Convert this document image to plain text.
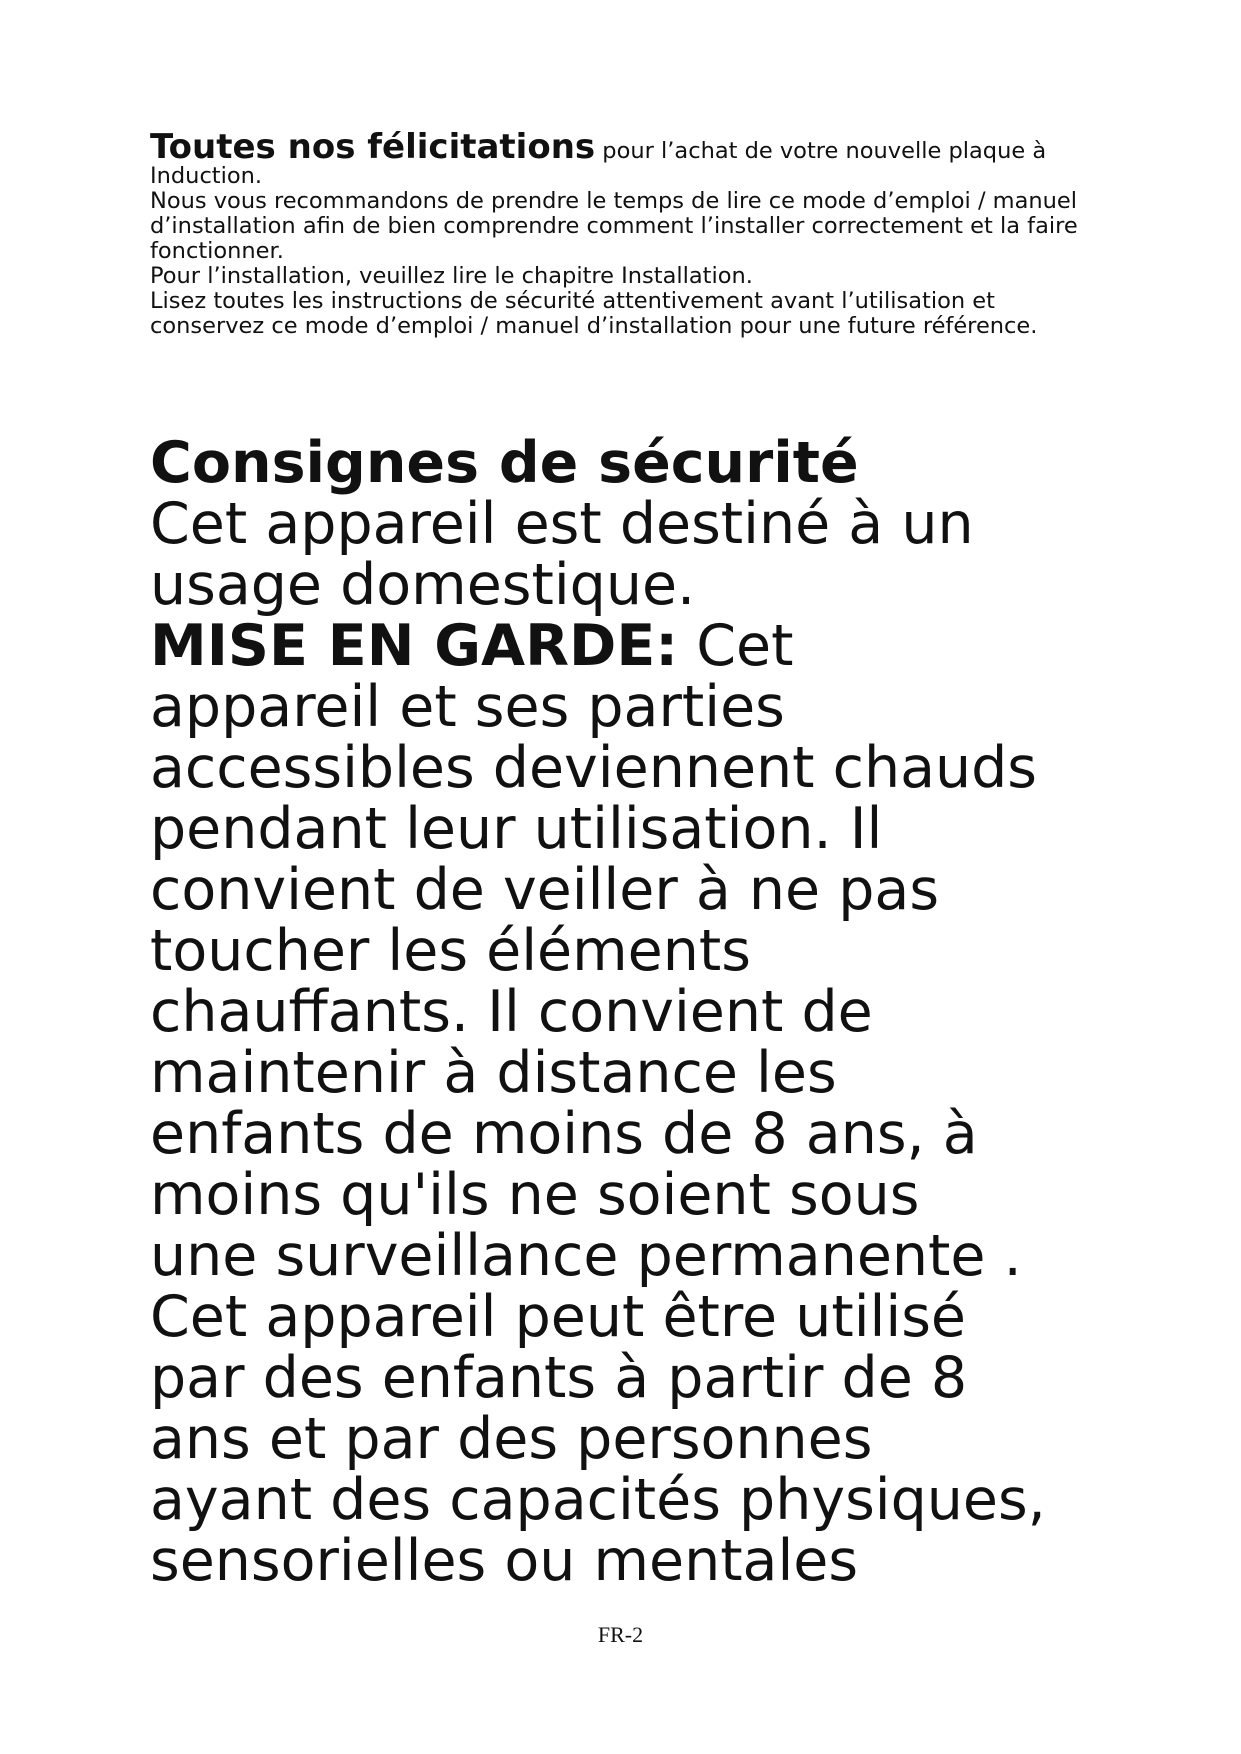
Toutes nos félicitations pour l’achat de votre nouvelle plaque à Induction.

Nous vous recommandons de prendre le temps de lire ce mode d’emploi / manuel d’installation afin de bien comprendre comment l’installer correctement et la faire fonctionner.

Pour l’installation, veuillez lire le chapitre Installation.

Lisez toutes les instructions de sécurité attentivement avant l’utilisation et conservez ce mode d’emploi / manuel d’installation pour une future référence.

Consignes de sécurité

Cet appareil est destiné à un
usage domestique.

MISE EN GARDE: Cet
appareil et ses parties
accessibles deviennent chauds
pendant leur utilisation. Il
convient de veiller à ne pas
toucher les éléments
chauffants. Il convient de
maintenir à distance les
enfants de moins de 8 ans, à
moins qu'ils ne soient sous
une surveillance permanente .
Cet appareil peut être utilisé
par des enfants à partir de 8
ans et par des personnes
ayant des capacités physiques,
sensorielles ou mentales

FR-2
